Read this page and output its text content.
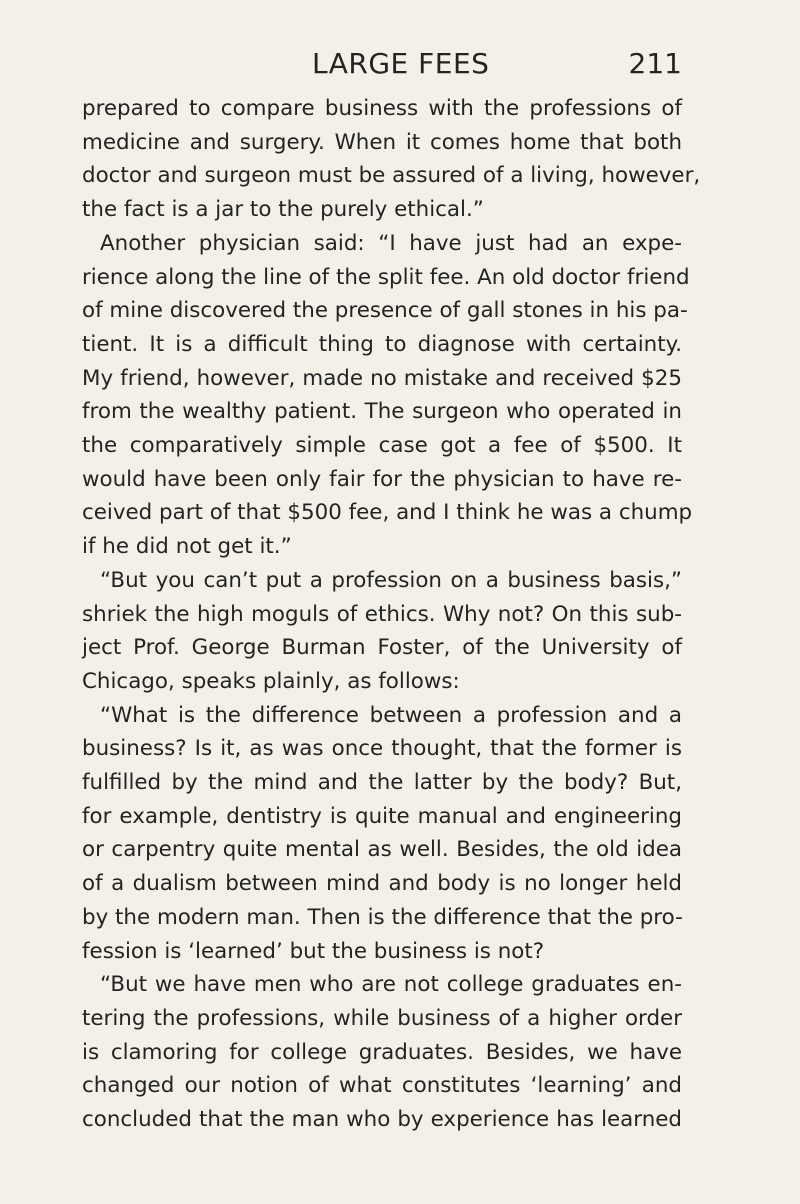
LARGE FEES	211
prepared to compare business with the professions of
medicine and surgery. When it comes home that both
doctor and surgeon must be assured of a living, however,
the fact is a jar to the purely ethical.”
Another physician said: “I have just had an expe-
rience along the line of the split fee. An old doctor friend
of mine discovered the presence of gall stones in his pa-
tient. It is a difficult thing to diagnose with certainty.
My friend, however, made no mistake and received $25
from the wealthy patient. The surgeon who operated in
the comparatively simple case got a fee of $500. It
would have been only fair for the physician to have re-
ceived part of that $500 fee, and I think he was a chump
if he did not get it.”
“But you can’t put a profession on a business basis,”
shriek the high moguls of ethics. Why not? On this sub-
ject Prof. George Burman Foster, of the University of
Chicago, speaks plainly, as follows:
“What is the difference between a profession and a
business? Is it, as was once thought, that the former is
fulfilled by the mind and the latter by the body? But,
for example, dentistry is quite manual and engineering
or carpentry quite mental as well. Besides, the old idea
of a dualism between mind and body is no longer held
by the modern man. Then is the difference that the pro-
fession is ‘learned’ but the business is not?
“But we have men who are not college graduates en-
tering the professions, while business of a higher order
is clamoring for college graduates. Besides, we have
changed our notion of what constitutes ‘learning’ and
concluded that the man who by experience has learned
